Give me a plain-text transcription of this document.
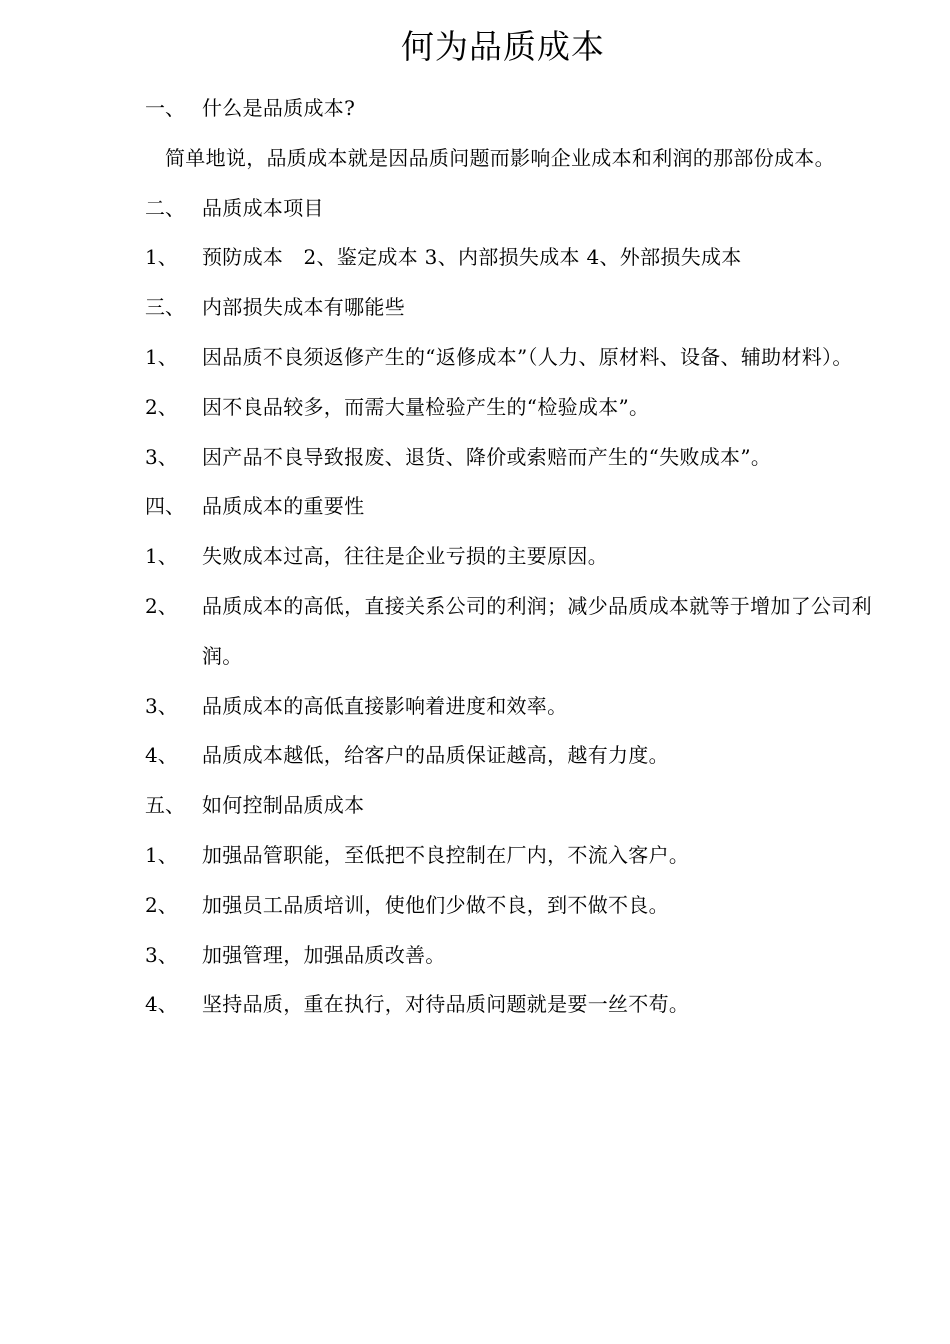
何为品质成本
一、 什么是品质成本?
简单地说，品质成本就是因品质问题而影响企业成本和利润的那部份成本。
二、 品质成本项目
1、	预防成本　2、鉴定成本 3、内部损失成本 4、外部损失成本
三、 内部损失成本有哪能些
1、	因品质不良须返修产生的“返修成本”（人力、原材料、设备、辅助材料）。
2、	因不良品较多，而需大量检验产生的“检验成本”。
3、	因产品不良导致报废、退货、降价或索赔而产生的“失败成本”。
四、 品质成本的重要性
1、	失败成本过高，往往是企业亏损的主要原因。
2、	品质成本的高低，直接关系公司的利润；减少品质成本就等于增加了公司利润。
3、	品质成本的高低直接影响着进度和效率。
4、	品质成本越低，给客户的品质保证越高，越有力度。
五、 如何控制品质成本
1、	加强品管职能，至低把不良控制在厂内，不流入客户。
2、	加强员工品质培训，使他们少做不良，到不做不良。
3、	加强管理，加强品质改善。
4、	坚持品质，重在执行，对待品质问题就是要一丝不苟。
